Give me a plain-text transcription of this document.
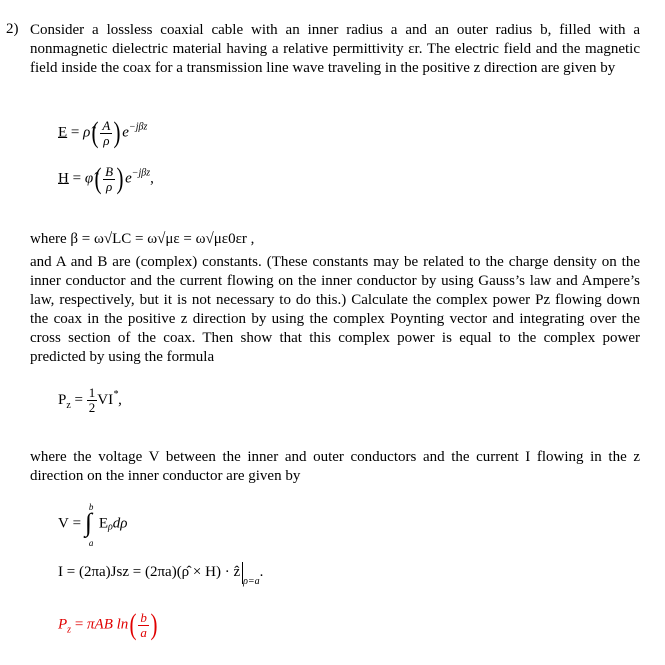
2) Consider a lossless coaxial cable with an inner radius a and an outer radius b, filled with a nonmagnetic dielectric material having a relative permittivity εr. The electric field and the magnetic field inside the coax for a transmission line wave traveling in the positive z direction are given by

E = ρ̂( $\frac{A}{\rho}$ ) $e^{-j\beta z}$
H = φ̂( $\frac{B}{\rho}$ ) $e^{-j\beta z}$,
where β = ω√LC = ω√με = ω√με0εr ,

and A and B are (complex) constants. (These constants may be related to the charge density on the inner conductor and the current flowing on the inner conductor by using Gauss’s law and Ampere’s law, respectively, but it is not necessary to do this.) Calculate the complex power Pz flowing down the coax in the positive z direction by using the complex Poynting vector and integrating over the cross section of the coax. Then show that this complex power is equal to the complex power predicted by using the formula

$P_z = \frac{1}{2} VI^*$,

where the voltage V between the inner and outer conductors and the current I flowing in the z direction on the inner conductor are given by

V =
b
∫
a
$E_\rho d\rho$
I = (2πa)Jsz = (2πa)(ρ̂ × H) · ẑ$_{\rho=a}$.
$P_z = \pi AB$ $\ln( \frac{b}{a}$ )
